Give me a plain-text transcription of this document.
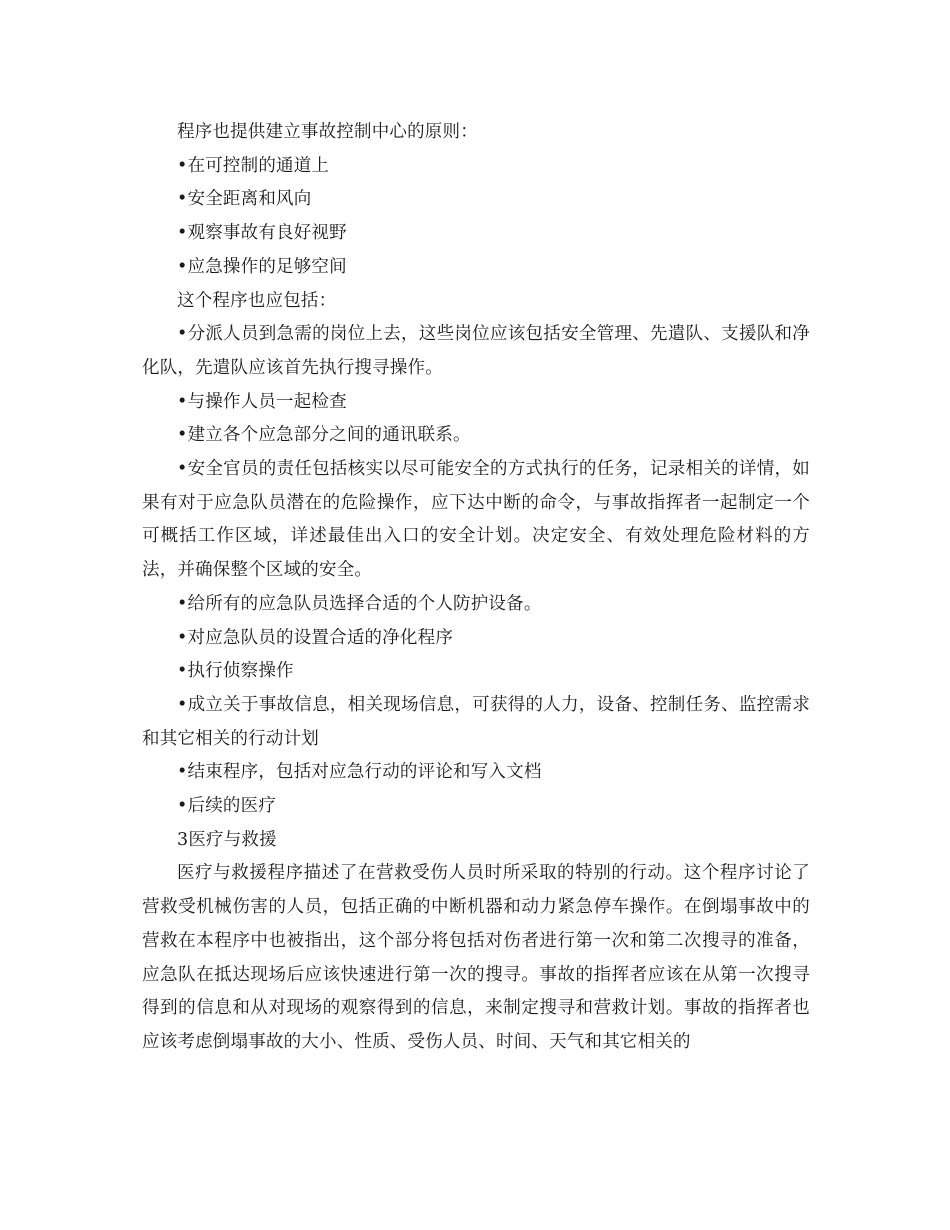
程序也提供建立事故控制中心的原则：

•在可控制的通道上

•安全距离和风向

•观察事故有良好视野

•应急操作的足够空间

这个程序也应包括：

•分派人员到急需的岗位上去，这些岗位应该包括安全管理、先遣队、支援队和净化队，先遣队应该首先执行搜寻操作。

•与操作人员一起检查

•建立各个应急部分之间的通讯联系。

•安全官员的责任包括核实以尽可能安全的方式执行的任务，记录相关的详情，如果有对于应急队员潜在的危险操作，应下达中断的命令，与事故指挥者一起制定一个可概括工作区域，详述最佳出入口的安全计划。决定安全、有效处理危险材料的方法，并确保整个区域的安全。

•给所有的应急队员选择合适的个人防护设备。

•对应急队员的设置合适的净化程序

•执行侦察操作

•成立关于事故信息，相关现场信息，可获得的人力，设备、控制任务、监控需求和其它相关的行动计划

•结束程序，包括对应急行动的评论和写入文档

•后续的医疗

3医疗与救援

医疗与救援程序描述了在营救受伤人员时所采取的特别的行动。这个程序讨论了营救受机械伤害的人员，包括正确的中断机器和动力紧急停车操作。在倒塌事故中的营救在本程序中也被指出，这个部分将包括对伤者进行第一次和第二次搜寻的准备，应急队在抵达现场后应该快速进行第一次的搜寻。事故的指挥者应该在从第一次搜寻得到的信息和从对现场的观察得到的信息，来制定搜寻和营救计划。事故的指挥者也应该考虑倒塌事故的大小、性质、受伤人员、时间、天气和其它相关的
